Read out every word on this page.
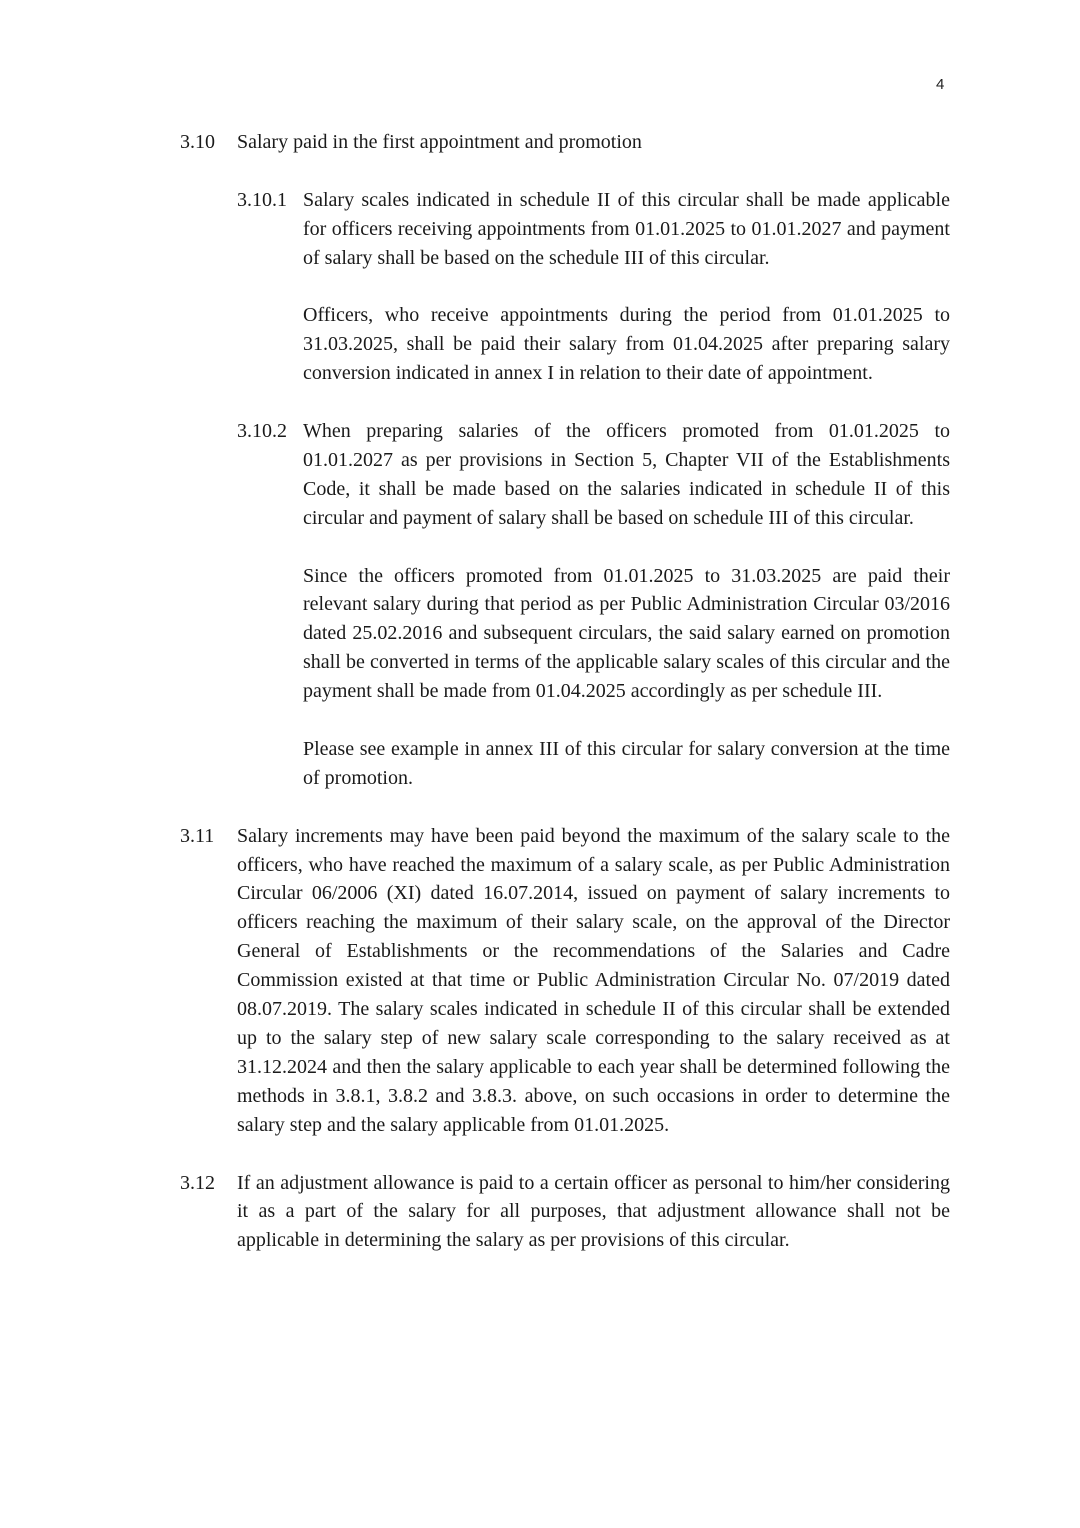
4
3.10	Salary paid in the first appointment and promotion
3.10.1 Salary scales indicated in schedule II of this circular shall be made applicable for officers receiving appointments from 01.01.2025 to 01.01.2027 and payment of salary shall be based on the schedule III of this circular.

Officers, who receive appointments during the period from 01.01.2025 to 31.03.2025, shall be paid their salary from 01.04.2025 after preparing salary conversion indicated in annex I in relation to their date of appointment.

3.10.2 When preparing salaries of the officers promoted from 01.01.2025 to 01.01.2027 as per provisions in Section 5, Chapter VII of the Establishments Code, it shall be made based on the salaries indicated in schedule II of this circular and payment of salary shall be based on schedule III of this circular.

Since the officers promoted from 01.01.2025 to 31.03.2025 are paid their relevant salary during that period as per Public Administration Circular 03/2016 dated 25.02.2016 and subsequent circulars, the said salary earned on promotion shall be converted in terms of the applicable salary scales of this circular and the payment shall be made from 01.04.2025 accordingly as per schedule III.

Please see example in annex III of this circular for salary conversion at the time of promotion.

3.11	Salary increments may have been paid beyond the maximum of the salary scale to the officers, who have reached the maximum of a salary scale, as per Public Administration Circular 06/2006 (XI) dated 16.07.2014, issued on payment of salary increments to officers reaching the maximum of their salary scale, on the approval of the Director General of Establishments or the recommendations of the Salaries and Cadre Commission existed at that time or Public Administration Circular No. 07/2019 dated 08.07.2019. The salary scales indicated in schedule II of this circular shall be extended up to the salary step of new salary scale corresponding to the salary received as at 31.12.2024 and then the salary applicable to each year shall be determined following the methods in 3.8.1, 3.8.2 and 3.8.3. above, on such occasions in order to determine the salary step and the salary applicable from 01.01.2025.
3.12	If an adjustment allowance is paid to a certain officer as personal to him/her considering it as a part of the salary for all purposes, that adjustment allowance shall not be applicable in determining the salary as per provisions of this circular.
